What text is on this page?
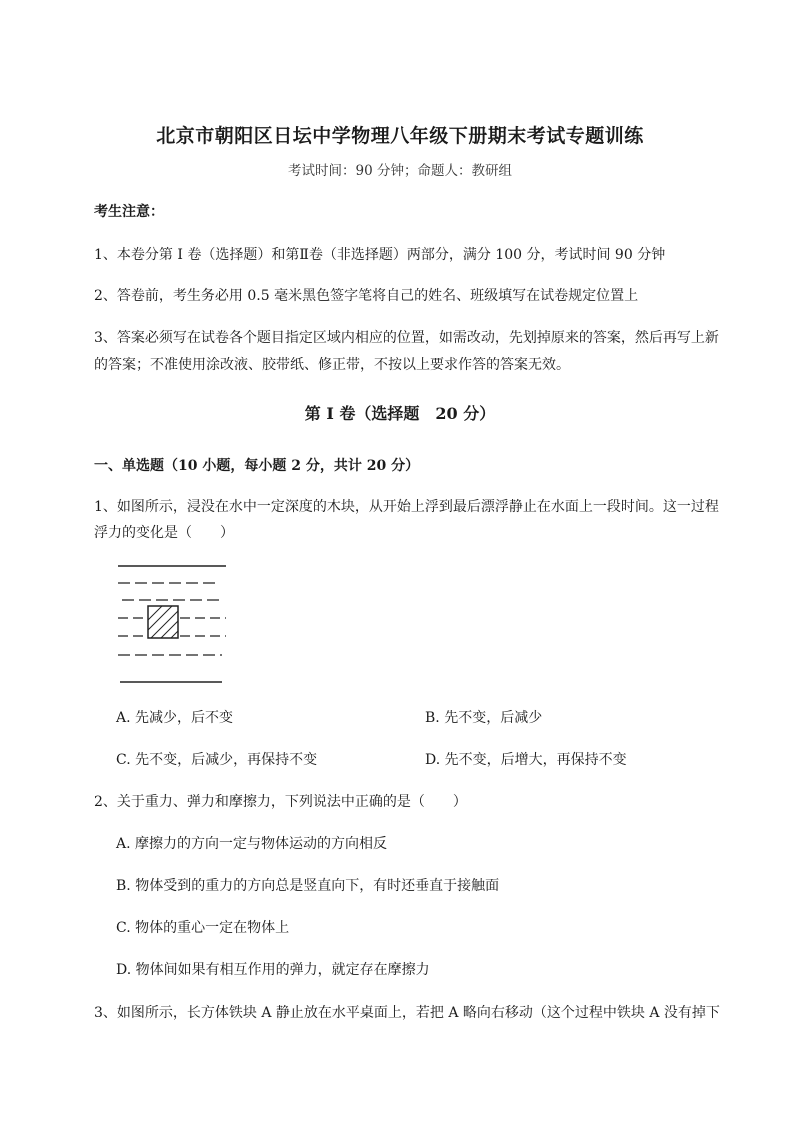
北京市朝阳区日坛中学物理八年级下册期末考试专题训练
考试时间：90 分钟；命题人：教研组
考生注意：
1、本卷分第 I 卷（选择题）和第Ⅱ卷（非选择题）两部分，满分 100 分，考试时间 90 分钟
2、答卷前，考生务必用 0.5 毫米黑色签字笔将自己的姓名、班级填写在试卷规定位置上
3、答案必须写在试卷各个题目指定区域内相应的位置，如需改动，先划掉原来的答案，然后再写上新
的答案；不准使用涂改液、胶带纸、修正带，不按以上要求作答的答案无效。
第 I 卷（选择题　20 分）
一、单选题（10 小题，每小题 2 分，共计 20 分）
1、如图所示，浸没在水中一定深度的木块，从开始上浮到最后漂浮静止在水面上一段时间。这一过程
浮力的变化是（　　）
A. 先减少，后不变	B. 先不变，后减少
C. 先不变，后减少，再保持不变	D. 先不变，后增大，再保持不变
2、关于重力、弹力和摩擦力，下列说法中正确的是（　　）
A. 摩擦力的方向一定与物体运动的方向相反
B. 物体受到的重力的方向总是竖直向下，有时还垂直于接触面
C. 物体的重心一定在物体上
D. 物体间如果有相互作用的弹力，就定存在摩擦力
3、如图所示，长方体铁块 A 静止放在水平桌面上，若把 A 略向右移动（这个过程中铁块 A 没有掉下
